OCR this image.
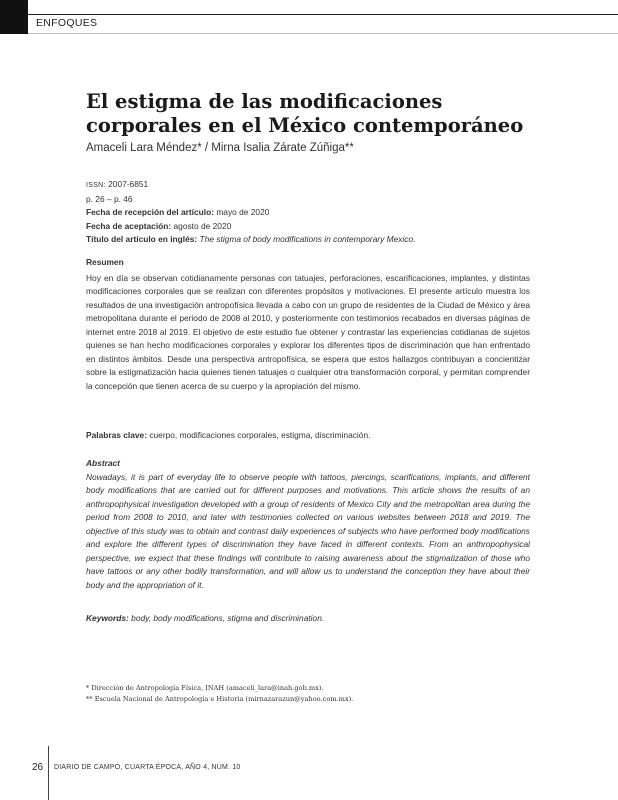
ENFOQUES
El estigma de las modificaciones
corporales en el México contemporáneo
Amaceli Lara Méndez* / Mirna Isalia Zárate Zúñiga**
ISSN: 2007-6851
p. 26 – p. 46
Fecha de recepción del artículo: mayo de 2020
Fecha de aceptación: agosto de 2020
Título del artículo en inglés: The stigma of body modifications in contemporary Mexico.
Resumen
Hoy en día se observan cotidianamente personas con tatuajes, perforaciones, escarificaciones, implantes, y distintas modificaciones corporales que se realizan con diferentes propósitos y motivaciones. El presente artículo muestra los resultados de una investigación antropofísica llevada a cabo con un grupo de residentes de la Ciudad de México y área metropolitana durante el periodo de 2008 al 2010, y posteriormente con testimonios recabados en diversas páginas de internet entre 2018 al 2019. El objetivo de este estudio fue obtener y contrastar las experiencias cotidianas de sujetos quienes se han hecho modificaciones corporales y explorar los diferentes tipos de discriminación que han enfrentado en distintos ámbitos. Desde una perspectiva antropofísica, se espera que estos hallazgos contribuyan a concientizar sobre la estigmatización hacia quienes tienen tatuajes o cualquier otra transformación corporal, y permitan comprender la concepción que tienen acerca de su cuerpo y la apropiación del mismo.
Palabras clave: cuerpo, modificaciones corporales, estigma, discriminación.
Abstract
Nowadays, it is part of everyday life to observe people with tattoos, piercings, scarifications, implants, and different body modifications that are carried out for different purposes and motivations. This article shows the results of an anthropophysical investigation developed with a group of residents of Mexico City and the metropolitan area during the period from 2008 to 2010, and later with testimonies collected on various websites between 2018 and 2019. The objective of this study was to obtain and contrast daily experiences of subjects who have performed body modifications and explore the different types of discrimination they have faced in different contexts. From an anthropophysical perspective, we expect that these findings will contribute to raising awareness about the stigmatization of those who have tattoos or any other bodily transformation, and will allow us to understand the conception they have about their body and the appropriation of it.
Keywords: body, body modifications, stigma and discrimination.
* Dirección de Antropología Física, INAH (amaceli_lara@inah.gob.mx).
** Escuela Nacional de Antropología e Historia (mirnazarazun@yahoo.com.mx).
26 DIARIO DE CAMPO, CUARTA ÉPOCA, AÑO 4, NÚM. 10
